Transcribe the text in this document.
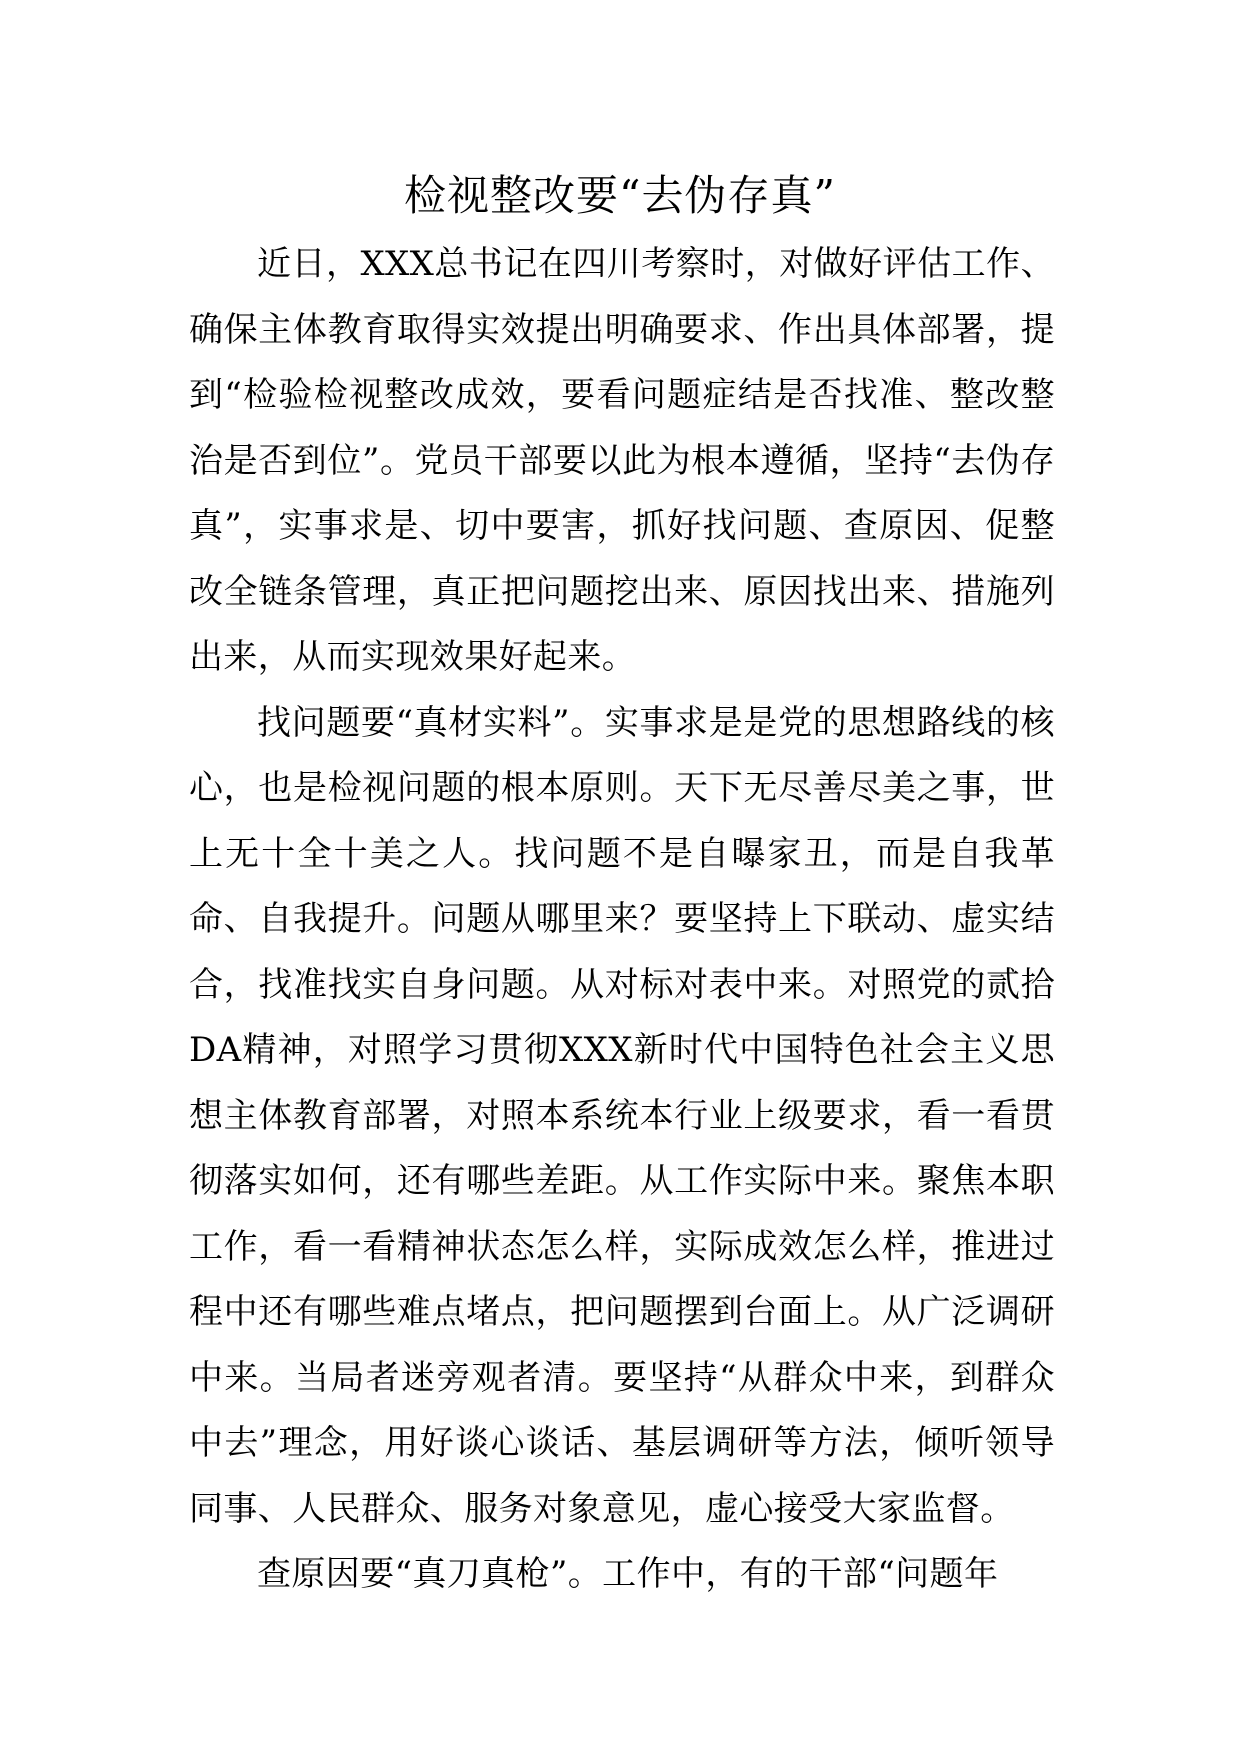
检视整改要“去伪存真”

近日，XXX总书记在四川考察时，对做好评估工作、确保主体教育取得实效提出明确要求、作出具体部署，提到“检验检视整改成效，要看问题症结是否找准、整改整治是否到位”。党员干部要以此为根本遵循，坚持“去伪存真”，实事求是、切中要害，抓好找问题、查原因、促整改全链条管理，真正把问题挖出来、原因找出来、措施列出来，从而实现效果好起来。

找问题要“真材实料”。实事求是是党的思想路线的核心，也是检视问题的根本原则。天下无尽善尽美之事，世上无十全十美之人。找问题不是自曝家丑，而是自我革命、自我提升。问题从哪里来？要坚持上下联动、虚实结合，找准找实自身问题。从对标对表中来。对照党的贰拾DA精神，对照学习贯彻XXX新时代中国特色社会主义思想主体教育部署，对照本系统本行业上级要求，看一看贯彻落实如何，还有哪些差距。从工作实际中来。聚焦本职工作，看一看精神状态怎么样，实际成效怎么样，推进过程中还有哪些难点堵点，把问题摆到台面上。从广泛调研中来。当局者迷旁观者清。要坚持“从群众中来，到群众中去”理念，用好谈心谈话、基层调研等方法，倾听领导同事、人民群众、服务对象意见，虚心接受大家监督。

查原因要“真刀真枪”。工作中，有的干部“问题年
